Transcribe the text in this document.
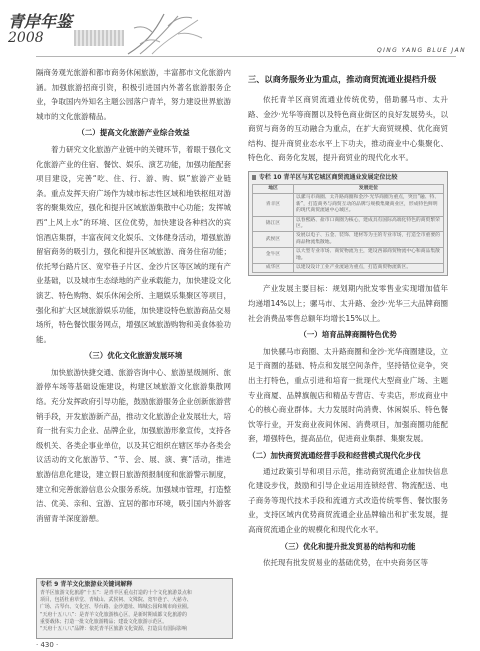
青岸年鉴
2008
QING YANG BLUE JAN

隔商务观光旅游和都市商务休闲旅游，丰富都市文化旅游内涵。加强旅游招商引资，积极引进国内外著名旅游服务企业，争取国内外知名主题公园落户青羊，努力建设世界旅游城市的文化旅游精品。

（二）提高文化旅游产业综合效益

着力研究文化旅游产业链中的关键环节，着眼于强化文化旅游产业的住宿、餐饮、娱乐、演艺功能，加强功能配套项目建设，完善“吃、住、行、游、购、娱”旅游产业链条。重点发挥天府广场作为城市标志性区域和地铁枢纽对游客的聚集效应，强化和提升区域旅游集散中心功能；发挥城西“上风上水”的环境、区位优势，加快建设各种档次的宾馆酒店集群，丰富夜间文化娱乐、文体健身活动，增强旅游留宿商务的吸引力，强化和提升区域旅游、商务住宿功能；依托琴台路片区、宽窄巷子片区、金沙片区等区域的现有产业基础，以及城市生态绿地的产业承载能力，加快建设文化演艺、特色购物、娱乐休闲会所、主题娱乐集聚区等项目，强化和扩大区域旅游娱乐功能，加快建设特色旅游商品交易场所，特色餐饮服务网点，增强区域旅游购物和美食体验功能。

（三）优化文化旅游发展环境

加快旅游快捷交通、旅游咨询中心、旅游星级厕所、旅游停车场等基础设施建设，构建区域旅游文化旅游集散网络。充分发挥政府引导功能，鼓励旅游服务企业创新旅游营销手段，开发旅游新产品，推动文化旅游企业发展壮大，培育一批有实力企业、品牌企业，加强旅游形象宣传，支持各级机关、各类企事业单位，以及其它组织在辖区举办各类会议活动的文化旅游节、“节、会、展、演、赛”活动，推进旅游信息化建设，建立假日旅游预报制度和旅游警示制度，建立和完善旅游信息公众服务系统。加强城市管理，打造整洁、优美、亲和、宜游、宜居的都市环境，吸引国内外游客消留青羊深度游憩。

专栏 9 青羊文化旅游业关键词解释
青羊区旅游文化旅游“十五”：是青羊区重点打造的十个文化旅游景点和
项目，包括杜甫草堂、青城山、武侯祠、文殊院、宽窄巷子、大慈寺、
广场、古琴台、文化宫、琴台路、金沙遗址、锦城公园和城市商业圈。
“天府十五八八”：是青羊文化旅游核心区，是新时期成都文化旅游的
重要载体；打造一批文化旅游精品；建设文化旅游示范区。
“天府十五八八”品牌：依托青羊区旅游文化资源，打造具有国际影响
三、以商务服务业为重点，推动商贸流通业提档升级

依托青羊区商贸流通业传统优势，借助骡马市、太升路、金沙·光华等商圈以及特色商业街区的良好发展势头，以商贸与商务的互动融合为重点，在扩大商贸规模、优化商贸结构、提升商贸业态水平上下功夫，推动商业中心集聚化、特色化、商务化发展，提升商贸业的现代化水平。

专栏 10 青羊区与其它城区商贸流通业发展定位比较
地区	发展定位
青羊区	以骡马市商圈、太升路商圈和金沙·光华商圈为重点，突出“融、特、新”，打造商务与商贸互动的品牌与规模集聚商业区，形成特色鲜明的现代商贸流通中心城区。
锦江区	以春熙路、盐市口商圈为核心，建成具有国际高端化特色的商贸繁荣区。
武侯区	发展以电子、五金、装饰、建材等为主的专业市场，打造全市重要的商品物流集散地。
金牛区	以大型专业市场、商贸物流为主，建设西部商贸物流中心和商品集散地。
成华区	以建设设计工业产业流通为重点，打造商贸物流新区。

产业发展主要目标：规划期内批发零售业实现增加值年均递增14%以上；骡马市、太升路、金沙·光华三大品牌商圈社会消费品零售总额年均增长15%以上。

（一）培育品牌商圈特色优势

加快骡马市商圈、太升路商圈和金沙·光华商圈建设，立足于商圈的基础、特点和发展空间条件，坚持错位竞争，突出主打特色，重点引进和培育一批现代大型商业广场、主题专业商厦、品牌旗舰店和精品专营店、专卖店，形成商业中心的核心商业群体。大力发展时尚消费、休闲娱乐、特色餐饮等行业，开发商业夜间休闲、消费项目，加强商圈功能配套，增强特色，提高品位，促进商业集群、集聚发展。

（二）加快商贸流通经营手段和经营模式现代化步伐

通过政策引导和项目示范，推动商贸流通企业加快信息化建设步伐，鼓励和引导企业运用连锁经营、物流配送、电子商务等现代技术手段和流通方式改造传统零售、餐饮服务业，支持区域内优势商贸流通企业品牌输出和扩张发展，提高商贸流通企业的规模化和现代化水平。

（三）优化和提升批发贸易的结构和功能

依托现有批发贸易业的基础优势，在中央商务区等

· 430 ·
